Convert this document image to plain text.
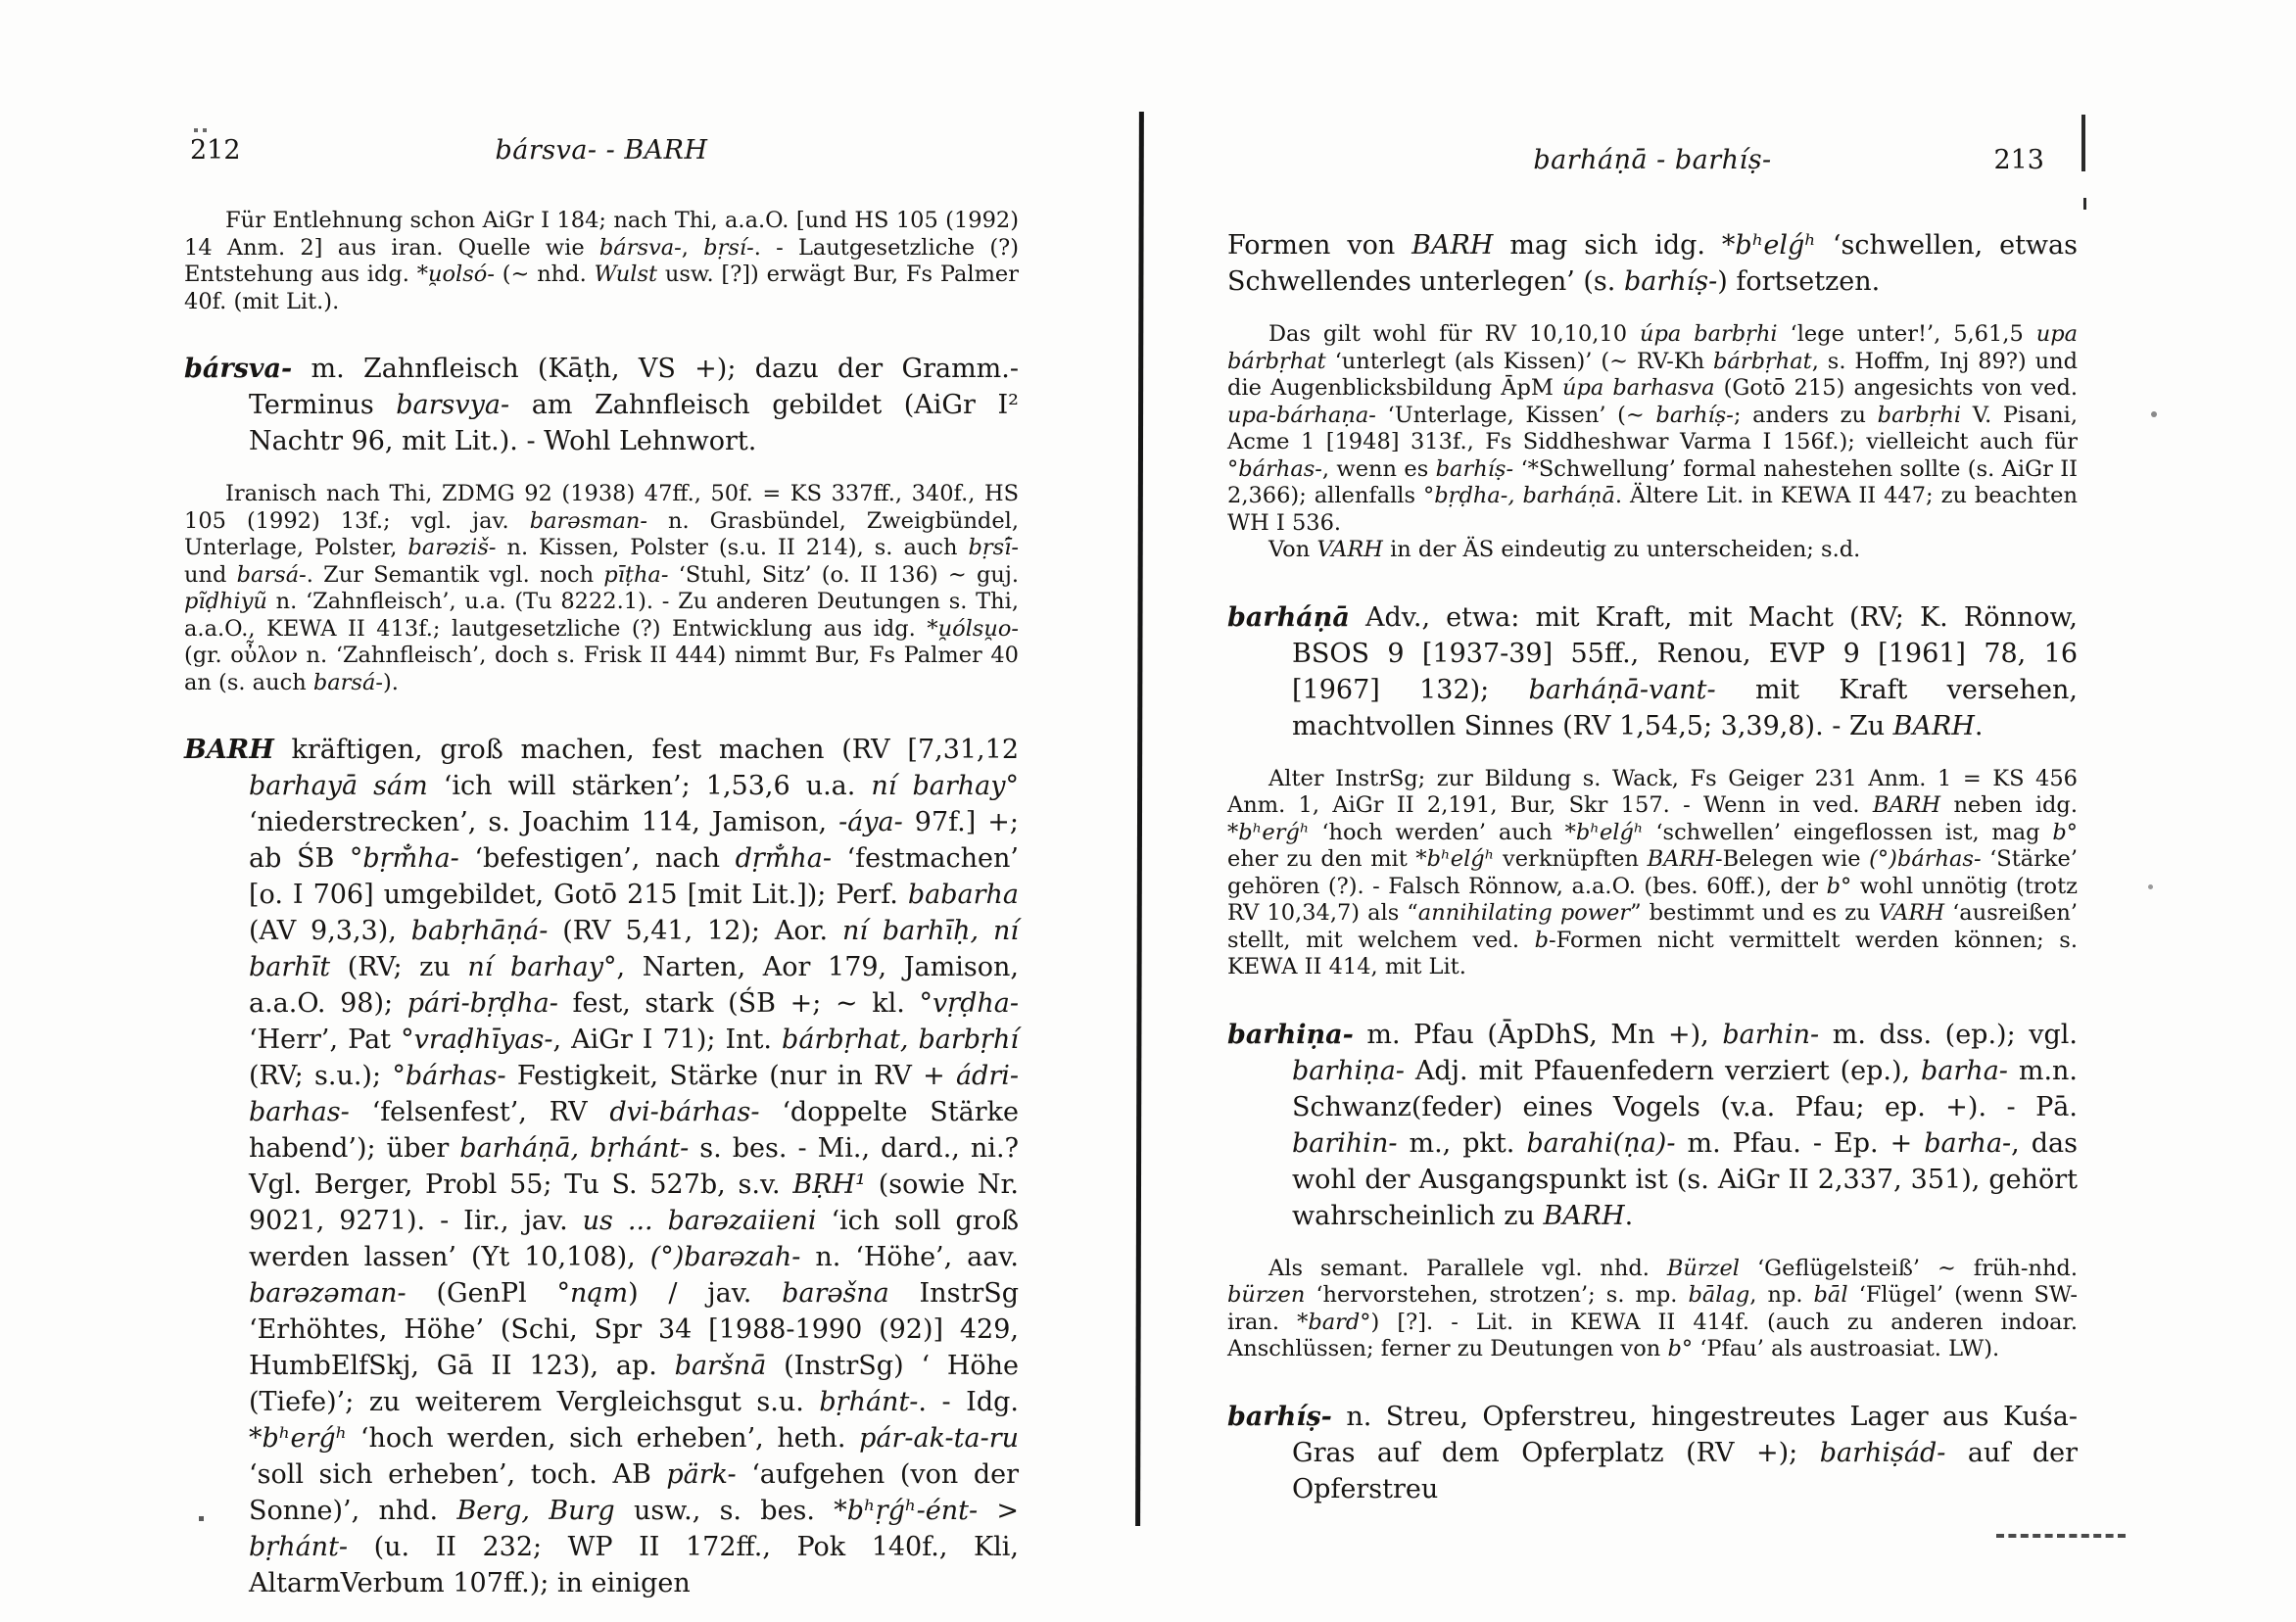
212	bársva- - BARH

Für Entlehnung schon AiGr I 184; nach Thi, a.a.O. [und HS 105 (1992) 14 Anm. 2] aus iran. Quelle wie bársva-, bṛsí-. - Lautgesetzliche (?) Entstehung aus idg. *u̯olsó- (~ nhd. Wulst usw. [?]) erwägt Bur, Fs Palmer 40f. (mit Lit.).

bársva- m. Zahnfleisch (Kāṭh, VS +); dazu der Gramm.-Terminus barsvya- am Zahnfleisch gebildet (AiGr I² Nachtr 96, mit Lit.). - Wohl Lehnwort.

Iranisch nach Thi, ZDMG 92 (1938) 47ff., 50f. = KS 337ff., 340f., HS 105 (1992) 13f.; vgl. jav. barəsman- n. Grasbündel, Zweigbündel, Unterlage, Polster, barəziš- n. Kissen, Polster (s.u. II 214), s. auch bṛsī́- und barsá-. Zur Semantik vgl. noch pīṭha- ‘Stuhl, Sitz’ (o. II 136) ~ guj. pĩḍhiyũ n. ‘Zahnfleisch’, u.a. (Tu 8222.1). - Zu anderen Deutungen s. Thi, a.a.O., KEWA II 413f.; lautgesetzliche (?) Entwicklung aus idg. *u̯ólsu̯o- (gr. οὖλον n. ‘Zahnfleisch’, doch s. Frisk II 444) nimmt Bur, Fs Palmer 40 an (s. auch barsá-).

BARH kräftigen, groß machen, fest machen (RV [7,31,12 barhayā sám ‘ich will stärken’; 1,53,6 u.a. ní barhay° ‘niederstrecken’, s. Joachim 114, Jamison, -áya- 97f.] +; ab ŚB °bṛm̐ha- ‘befestigen’, nach dṛm̐ha- ‘festmachen’ [o. I 706] umgebildet, Gotō 215 [mit Lit.]); Perf. babarha (AV 9,3,3), babṛhāṇá- (RV 5,41, 12); Aor. ní barhīḥ, ní barhīt (RV; zu ní barhay°, Narten, Aor 179, Jamison, a.a.O. 98); pári-bṛḍha- fest, stark (ŚB +; ~ kl. °vṛḍha- ‘Herr’, Pat °vraḍhīyas-, AiGr I 71); Int. bárbṛhat, barbṛhí (RV; s.u.); °bárhas- Festigkeit, Stärke (nur in RV + ádri-barhas- ‘felsenfest’, RV dvi-bárhas- ‘doppelte Stärke habend’); über barháṇā, bṛhánt- s. bes. - Mi., dard., ni.? Vgl. Berger, Probl 55; Tu S. 527b, s.v. BṚH¹ (sowie Nr. 9021, 9271). - Iir., jav. us ... barəzaiieni ‘ich soll groß werden lassen’ (Yt 10,108), (°)barəzah- n. ‘Höhe’, aav. barəzəman- (GenPl °nąm) / jav. barəšna InstrSg ‘Erhöhtes, Höhe’ (Schi, Spr 34 [1988-1990 (92)] 429, HumbElfSkj, Gā II 123), ap. baršnā (InstrSg) ‘ Höhe (Tiefe)’; zu weiterem Vergleichsgut s.u. bṛhánt-. - Idg. *bʰerǵʰ ‘hoch werden, sich erheben’, heth. pár-ak-ta-ru ‘soll sich erheben’, toch. AB pärk- ‘aufgehen (von der Sonne)’, nhd. Berg, Burg usw., s. bes. *bʰṛǵʰ-ént- > bṛhánt- (u. II 232; WP II 172ff., Pok 140f., Kli, AltarmVerbum 107ff.); in einigen

barháṇā - barhíṣ-	213

Formen von BARH mag sich idg. *bʰelǵʰ ‘schwellen, etwas Schwellendes unterlegen’ (s. barhíṣ-) fortsetzen.

Das gilt wohl für RV 10,10,10 úpa barbṛhi ‘lege unter!’, 5,61,5 upa bárbṛhat ‘unterlegt (als Kissen)’ (~ RV-Kh bárbṛhat, s. Hoffm, Inj 89?) und die Augenblicksbildung ĀpM úpa barhasva (Gotō 215) angesichts von ved. upa-bárhaṇa- ‘Unterlage, Kissen’ (~ barhíṣ-; anders zu barbṛhi V. Pisani, Acme 1 [1948] 313f., Fs Siddheshwar Varma I 156f.); vielleicht auch für °bárhas-, wenn es barhíṣ- ‘*Schwellung’ formal nahestehen sollte (s. AiGr II 2,366); allenfalls °bṛḍha-, barháṇā. Ältere Lit. in KEWA II 447; zu beachten WH I 536.

Von VARH in der ÄS eindeutig zu unterscheiden; s.d.

barháṇā Adv., etwa: mit Kraft, mit Macht (RV; K. Rönnow, BSOS 9 [1937-39] 55ff., Renou, EVP 9 [1961] 78, 16 [1967] 132); barháṇā-vant- mit Kraft versehen, machtvollen Sinnes (RV 1,54,5; 3,39,8). - Zu BARH.

Alter InstrSg; zur Bildung s. Wack, Fs Geiger 231 Anm. 1 = KS 456 Anm. 1, AiGr II 2,191, Bur, Skr 157. - Wenn in ved. BARH neben idg. *bʰerǵʰ ‘hoch werden’ auch *bʰelǵʰ ‘schwellen’ eingeflossen ist, mag b° eher zu den mit *bʰelǵʰ verknüpften BARH-Belegen wie (°)bárhas- ‘Stärke’ gehören (?). - Falsch Rönnow, a.a.O. (bes. 60ff.), der b° wohl unnötig (trotz RV 10,34,7) als “annihilating power” bestimmt und es zu VARH ‘ausreißen’ stellt, mit welchem ved. b-Formen nicht vermittelt werden können; s. KEWA II 414, mit Lit.

barhiṇa- m. Pfau (ĀpDhS, Mn +), barhin- m. dss. (ep.); vgl. barhiṇa- Adj. mit Pfauenfedern verziert (ep.), barha- m.n. Schwanz(feder) eines Vogels (v.a. Pfau; ep. +). - Pā. barihin- m., pkt. barahi(ṇa)- m. Pfau. - Ep. + barha-, das wohl der Ausgangspunkt ist (s. AiGr II 2,337, 351), gehört wahrscheinlich zu BARH.

Als semant. Parallele vgl. nhd. Bürzel ‘Geflügelsteiß’ ~ früh-nhd. bürzen ‘hervorstehen, strotzen’; s. mp. bālag, np. bāl ‘Flügel’ (wenn SW-iran. *bard°) [?]. - Lit. in KEWA II 414f. (auch zu anderen indoar. Anschlüssen; ferner zu Deutungen von b° ‘Pfau’ als austroasiat. LW).

barhíṣ- n. Streu, Opferstreu, hingestreutes Lager aus Kuśa-Gras auf dem Opferplatz (RV +); barhiṣád- auf der Opferstreu
